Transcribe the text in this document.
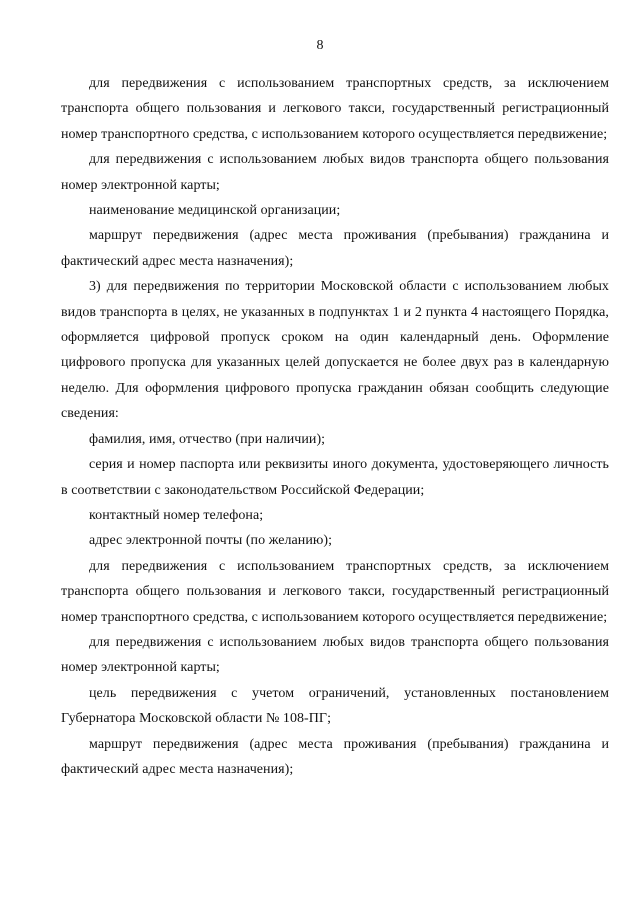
8

для передвижения с использованием транспортных средств, за исключением транспорта общего пользования и легкового такси, государственный регистрационный номер транспортного средства, с использованием которого осуществляется передвижение;

для передвижения с использованием любых видов транспорта общего пользования номер электронной карты;

наименование медицинской организации;

маршрут передвижения (адрес места проживания (пребывания) гражданина и фактический адрес места назначения);

3) для передвижения по территории Московской области с использованием любых видов транспорта в целях, не указанных в подпунктах 1 и 2 пункта 4 настоящего Порядка, оформляется цифровой пропуск сроком на один календарный день. Оформление цифрового пропуска для указанных целей допускается не более двух раз в календарную неделю. Для оформления цифрового пропуска гражданин обязан сообщить следующие сведения:

фамилия, имя, отчество (при наличии);

серия и номер паспорта или реквизиты иного документа, удостоверяющего личность в соответствии с законодательством Российской Федерации;

контактный номер телефона;

адрес электронной почты (по желанию);

для передвижения с использованием транспортных средств, за исключением транспорта общего пользования и легкового такси, государственный регистрационный номер транспортного средства, с использованием которого осуществляется передвижение;

для передвижения с использованием любых видов транспорта общего пользования номер электронной карты;

цель передвижения с учетом ограничений, установленных постановлением Губернатора Московской области № 108-ПГ;

маршрут передвижения (адрес места проживания (пребывания) гражданина и фактический адрес места назначения);
